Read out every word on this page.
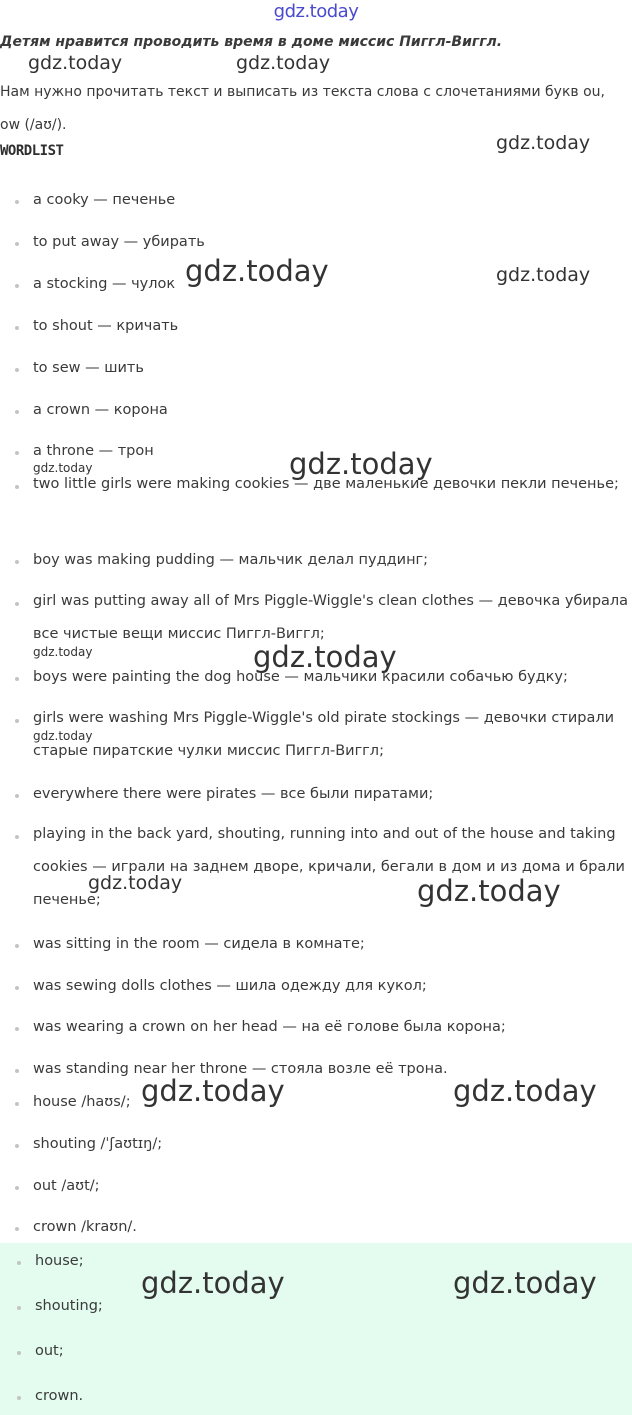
gdz.today
Детям нравится проводить время в доме миссис Пиггл-Виггл.
Нам нужно прочитать текст и выписать из текста слова с слочетаниями букв ou, ow (/aʊ/).
WORDLIST
a cooky — печенье
to put away — убирать
a stocking — чулок
to shout — кричать
to sew — шить
a crown — корона
a throne — трон
two little girls were making cookies — две маленькие девочки пекли печенье;
boy was making pudding — мальчик делал пуддинг;
girl was putting away all of Mrs Piggle-Wiggle's clean clothes — девочка убирала все чистые вещи миссис Пиггл-Виггл;
boys were painting the dog house — мальчики красили собачью будку;
girls were washing Mrs Piggle-Wiggle's old pirate stockings — девочки стирали старые пиратские чулки миссис Пиггл-Виггл;
everywhere there were pirates — все были пиратами;
playing in the back yard, shouting, running into and out of the house and taking cookies — играли на заднем дворе, кричали, бегали в дом и из дома и брали печенье;
was sitting in the room — сидела в комнате;
was sewing dolls clothes — шила одежду для кукол;
was wearing a crown on her head — на её голове была корона;
was standing near her throne — стояла возле её трона.
house /haʊs/;
shouting /ˈʃaʊtɪŋ/;
out /aʊt/;
crown /kraʊn/.
house;
shouting;
out;
crown.
gdz.today	gdz.today
gdz.today
gdz.today	gdz.today
gdz.today	gdz.today
gdz.today	gdz.today
gdz.today
gdz.today	gdz.today
gdz.today	gdz.today
gdz.today	gdz.today
